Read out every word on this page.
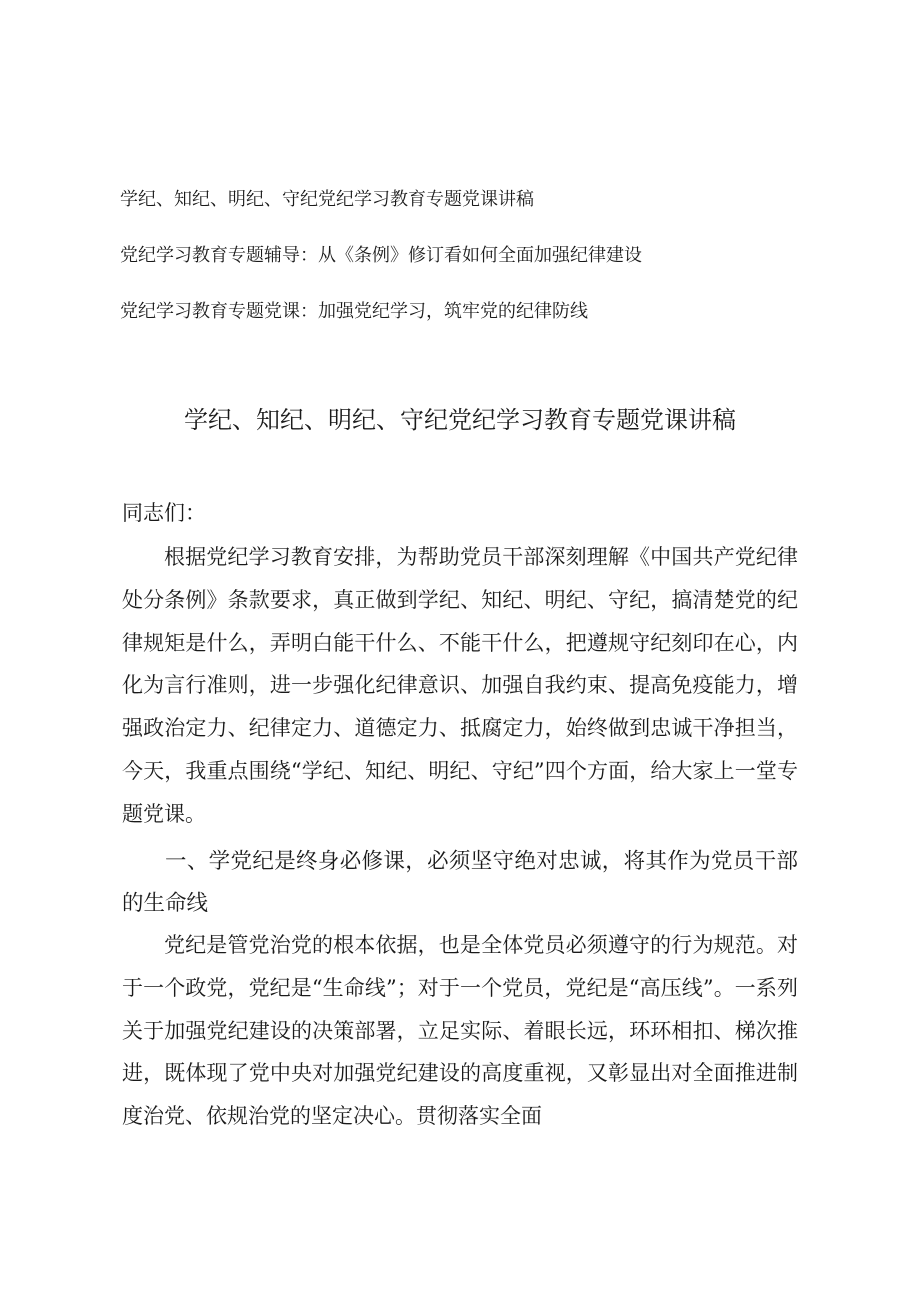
学纪、知纪、明纪、守纪党纪学习教育专题党课讲稿
党纪学习教育专题辅导：从《条例》修订看如何全面加强纪律建设
党纪学习教育专题党课：加强党纪学习，筑牢党的纪律防线
学纪、知纪、明纪、守纪党纪学习教育专题党课讲稿
同志们：

根据党纪学习教育安排，为帮助党员干部深刻理解《中国共产党纪律处分条例》条款要求，真正做到学纪、知纪、明纪、守纪，搞清楚党的纪律规矩是什么，弄明白能干什么、不能干什么，把遵规守纪刻印在心，内化为言行准则，进一步强化纪律意识、加强自我约束、提高免疫能力，增强政治定力、纪律定力、道德定力、抵腐定力，始终做到忠诚干净担当，今天，我重点围绕“学纪、知纪、明纪、守纪”四个方面，给大家上一堂专题党课。

一、学党纪是终身必修课，必须坚守绝对忠诚，将其作为党员干部的生命线

党纪是管党治党的根本依据，也是全体党员必须遵守的行为规范。对于一个政党，党纪是“生命线”；对于一个党员，党纪是“高压线”。一系列关于加强党纪建设的决策部署，立足实际、着眼长远，环环相扣、梯次推进，既体现了党中央对加强党纪建设的高度重视，又彰显出对全面推进制度治党、依规治党的坚定决心。贯彻落实全面
